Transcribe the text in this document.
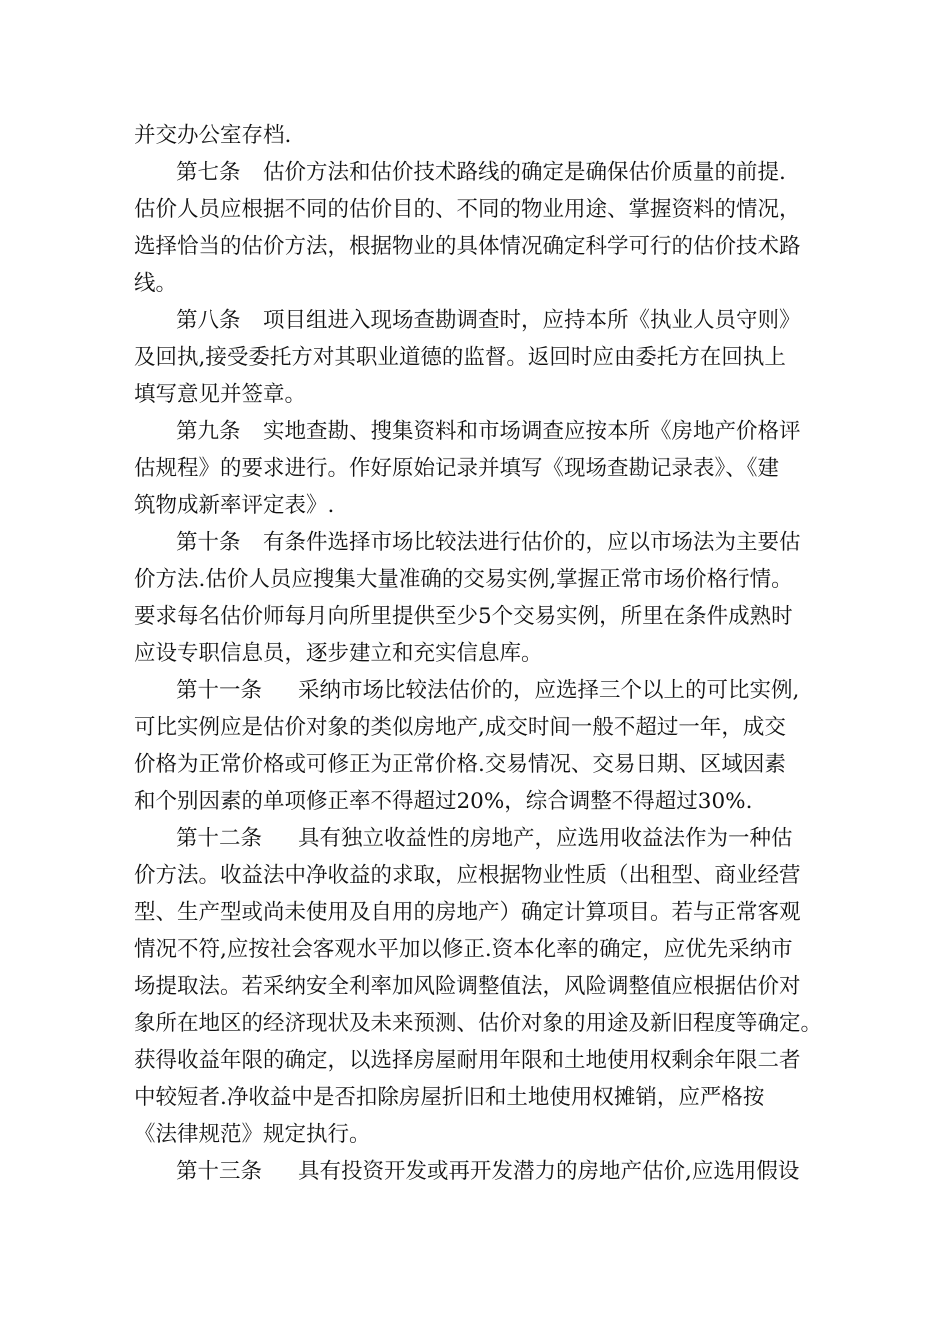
并交办公室存档.

第七条

估价方法和估价技术路线的确定是确保估价质量的前提.

估价人员应根据不同的估价目的、不同的物业用途、掌握资料的情况，
选择恰当的估价方法，根据物业的具体情况确定科学可行的估价技术路
线。

第八条

项目组进入现场查勘调查时，应持本所《执业人员守则》

及回执,接受委托方对其职业道德的监督。返回时应由委托方在回执上
填写意见并签章。

第九条

实地查勘、搜集资料和市场调查应按本所《房地产价格评

估规程》的要求进行。作好原始记录并填写《现场查勘记录表》、《建
筑物成新率评定表》.

第十条

有条件选择市场比较法进行估价的，应以市场法为主要估

价方法.估价人员应搜集大量准确的交易实例,掌握正常市场价格行情。
要求每名估价师每月向所里提供至少5个交易实例，所里在条件成熟时
应设专职信息员，逐步建立和充实信息库。

第十一条

采纳市场比较法估价的，应选择三个以上的可比实例,

可比实例应是估价对象的类似房地产,成交时间一般不超过一年，成交
价格为正常价格或可修正为正常价格.交易情况、交易日期、区域因素
和个别因素的单项修正率不得超过20%，综合调整不得超过30%.

第十二条

具有独立收益性的房地产，应选用收益法作为一种估

价方法。收益法中净收益的求取，应根据物业性质（出租型、商业经营
型、生产型或尚未使用及自用的房地产）确定计算项目。若与正常客观
情况不符,应按社会客观水平加以修正.资本化率的确定，应优先采纳市
场提取法。若采纳安全利率加风险调整值法，风险调整值应根据估价对
象所在地区的经济现状及未来预测、估价对象的用途及新旧程度等确定。
获得收益年限的确定，以选择房屋耐用年限和土地使用权剩余年限二者
中较短者.净收益中是否扣除房屋折旧和土地使用权摊销，应严格按
《法律规范》规定执行。

第十三条

具有投资开发或再开发潜力的房地产估价,应选用假设
